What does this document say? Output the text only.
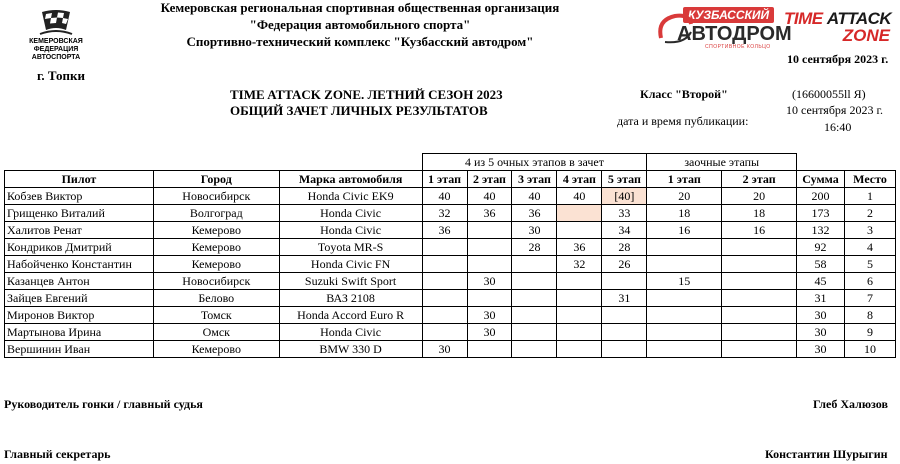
КЕМЕРОВСКАЯ
ФЕДЕРАЦИЯ АВТОСПОРТА
Кемеровская региональная спортивная общественная организация
"Федерация автомобильного спорта"
Спортивно-технический комплекс "Кузбасский автодром"
КУЗБАССКИЙ
АВТОДРОМ
СПОРТИВНОЕ КОЛЬЦО
TIME ATTACK
ZONE
10 сентября 2023 г.
г. Топки
TIME ATTACK ZONE. ЛЕТНИЙ СЕЗОН 2023
ОБЩИЙ ЗАЧЕТ ЛИЧНЫХ РЕЗУЛЬТАТОВ
Класс "Второй"	(16600055ll Я)
дата и время публикации:
10 сентября 2023 г.
16:40
			4 из 5 очных этапов в зачет					заочные этапы			
Пилот	Город	Марка автомобиля	1 этап	2 этап	3 этап	4 этап	5 этап	1 этап	2 этап	Сумма	Место
Кобзев Виктор	Новосибирск	Honda Civic EK9	40	40	40	40	[40]	20	20	200	1
Грищенко Виталий	Волгоград	Honda Civic	32	36	36		33	18	18	173	2
Халитов Ренат	Кемерово	Honda Civic	36		30		34	16	16	132	3
Кондриков Дмитрий	Кемерово	Toyota MR-S			28	36	28			92	4
Набойченко Константин	Кемерово	Honda Civic FN				32	26			58	5
Казанцев Антон	Новосибирск	Suzuki Swift Sport		30				15		45	6
Зайцев Евгений	Белово	ВАЗ 2108					31			31	7
Миронов Виктор	Томск	Honda Accord Euro R		30						30	8
Мартынова Ирина	Омск	Honda Civic		30						30	9
Вершинин Иван	Кемерово	BMW 330 D	30							30	10
Руководитель гонки / главный судья	Глеб Халюзов
Главный секретарь	Константин Шурыгин
